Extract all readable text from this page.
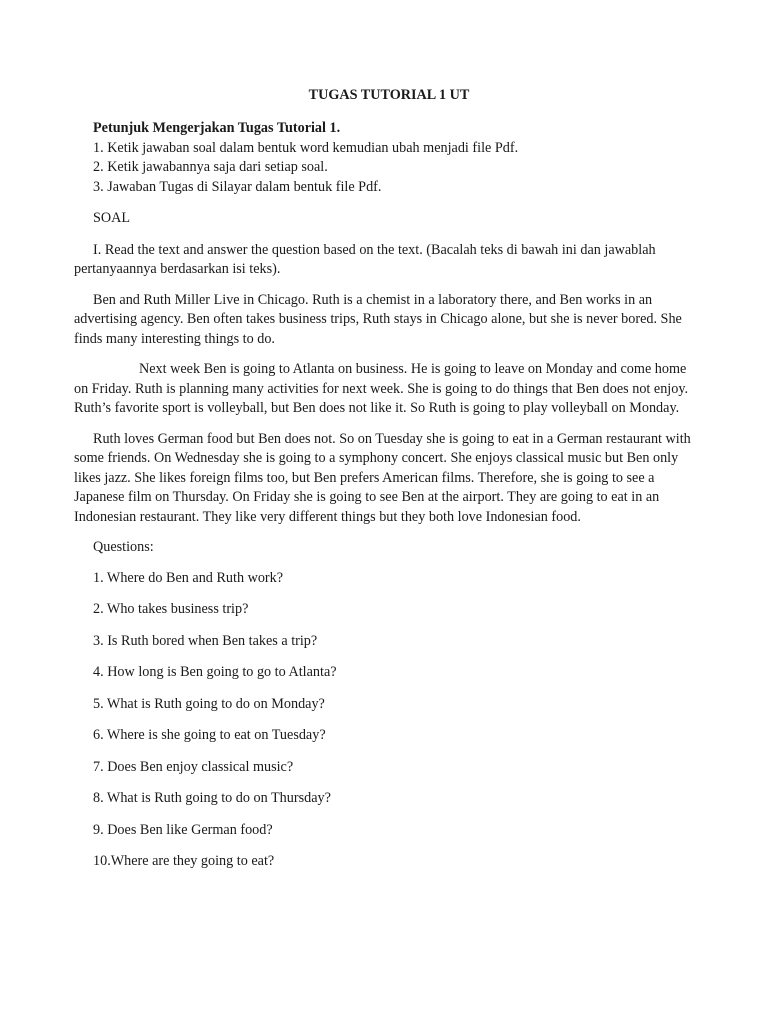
TUGAS TUTORIAL 1 UT
Petunjuk Mengerjakan Tugas Tutorial 1.
1. Ketik jawaban soal dalam bentuk word kemudian ubah menjadi file Pdf.
2. Ketik jawabannya saja dari setiap soal.
3. Jawaban Tugas di Silayar dalam bentuk file Pdf.
SOAL

I. Read the text and answer the question based on the text. (Bacalah teks di bawah ini dan jawablah pertanyaannya berdasarkan isi teks).

Ben and Ruth Miller Live in Chicago. Ruth is a chemist in a laboratory there, and Ben works in an advertising agency. Ben often takes business trips, Ruth stays in Chicago alone, but she is never bored. She finds many interesting things to do.

Next week Ben is going to Atlanta on business. He is going to leave on Monday and come home on Friday. Ruth is planning many activities for next week. She is going to do things that Ben does not enjoy. Ruth’s favorite sport is volleyball, but Ben does not like it. So Ruth is going to play volleyball on Monday.

Ruth loves German food but Ben does not. So on Tuesday she is going to eat in a German restaurant with some friends. On Wednesday she is going to a symphony concert. She enjoys classical music but Ben only likes jazz. She likes foreign films too, but Ben prefers American films. Therefore, she is going to see a Japanese film on Thursday. On Friday she is going to see Ben at the airport. They are going to eat in an Indonesian restaurant. They like very different things but they both love Indonesian food.

Questions:
1. Where do Ben and Ruth work?
2. Who takes business trip?
3. Is Ruth bored when Ben takes a trip?
4. How long is Ben going to go to Atlanta?
5. What is Ruth going to do on Monday?
6. Where is she going to eat on Tuesday?
7. Does Ben enjoy classical music?
8. What is Ruth going to do on Thursday?
9. Does Ben like German food?
10.Where are they going to eat?
